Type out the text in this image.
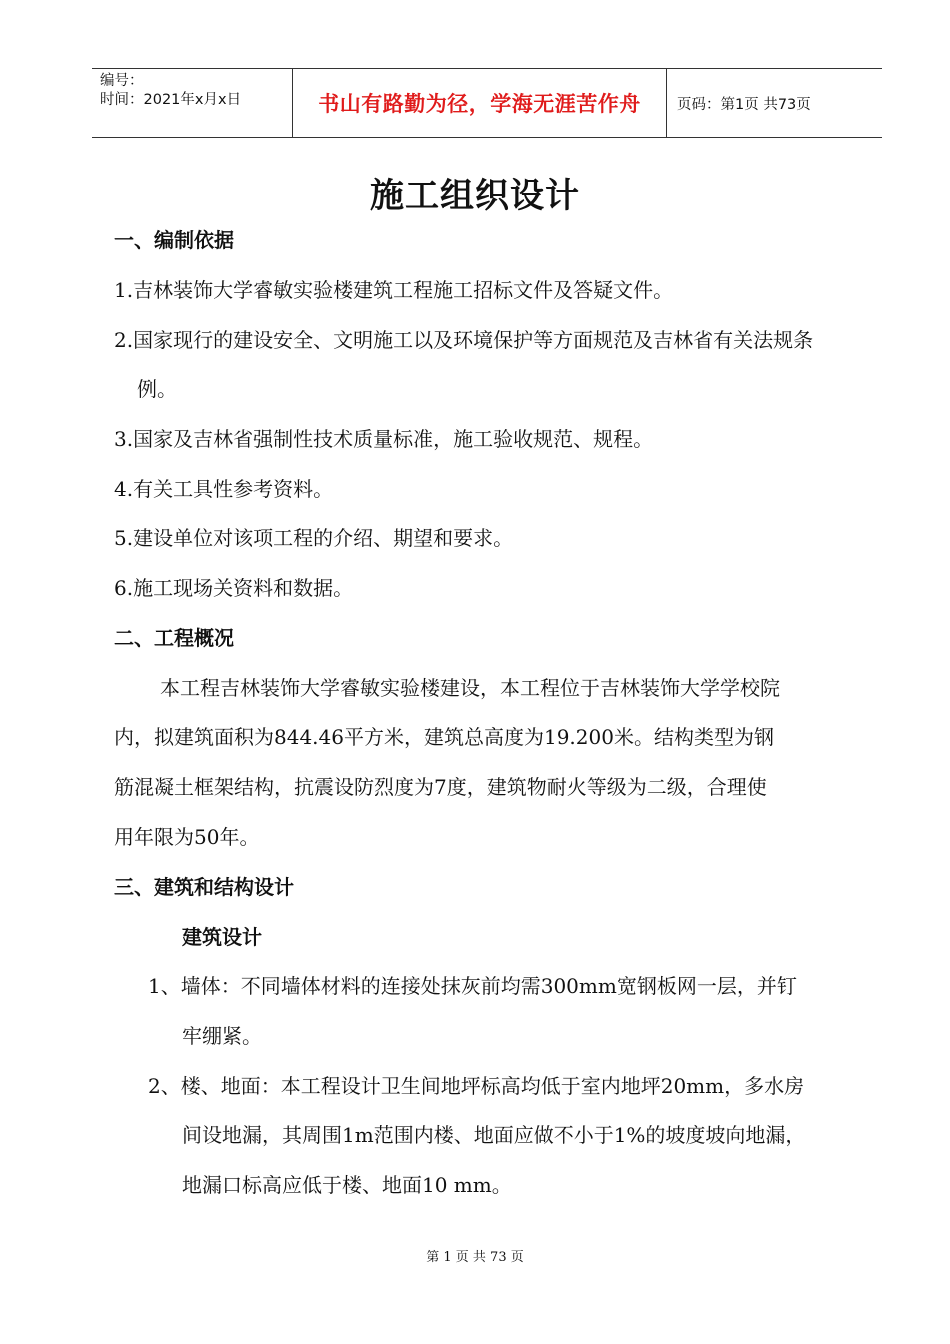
编号：
时间：2021年x月x日	书山有路勤为径，学海无涯苦作舟	页码：第1页 共73页
施工组织设计
一、编制依据
1.吉林装饰大学睿敏实验楼建筑工程施工招标文件及答疑文件。
2.国家现行的建设安全、文明施工以及环境保护等方面规范及吉林省有关法规条
例。
3.国家及吉林省强制性技术质量标准，施工验收规范、规程。
4.有关工具性参考资料。
5.建设单位对该项工程的介绍、期望和要求。
6.施工现场关资料和数据。
二、工程概况
本工程吉林装饰大学睿敏实验楼建设，本工程位于吉林装饰大学学校院
内，拟建筑面积为844.46平方米，建筑总高度为19.200米。结构类型为钢
筋混凝土框架结构，抗震设防烈度为7度，建筑物耐火等级为二级，合理使
用年限为50年。
三、建筑和结构设计
建筑设计
1、墙体：不同墙体材料的连接处抹灰前均需300mm宽钢板网一层，并钉
牢绷紧。
2、楼、地面：本工程设计卫生间地坪标高均低于室内地坪20mm，多水房
间设地漏，其周围1m范围内楼、地面应做不小于1%的坡度坡向地漏，
地漏口标高应低于楼、地面10 mm。
第 1 页 共 73 页
